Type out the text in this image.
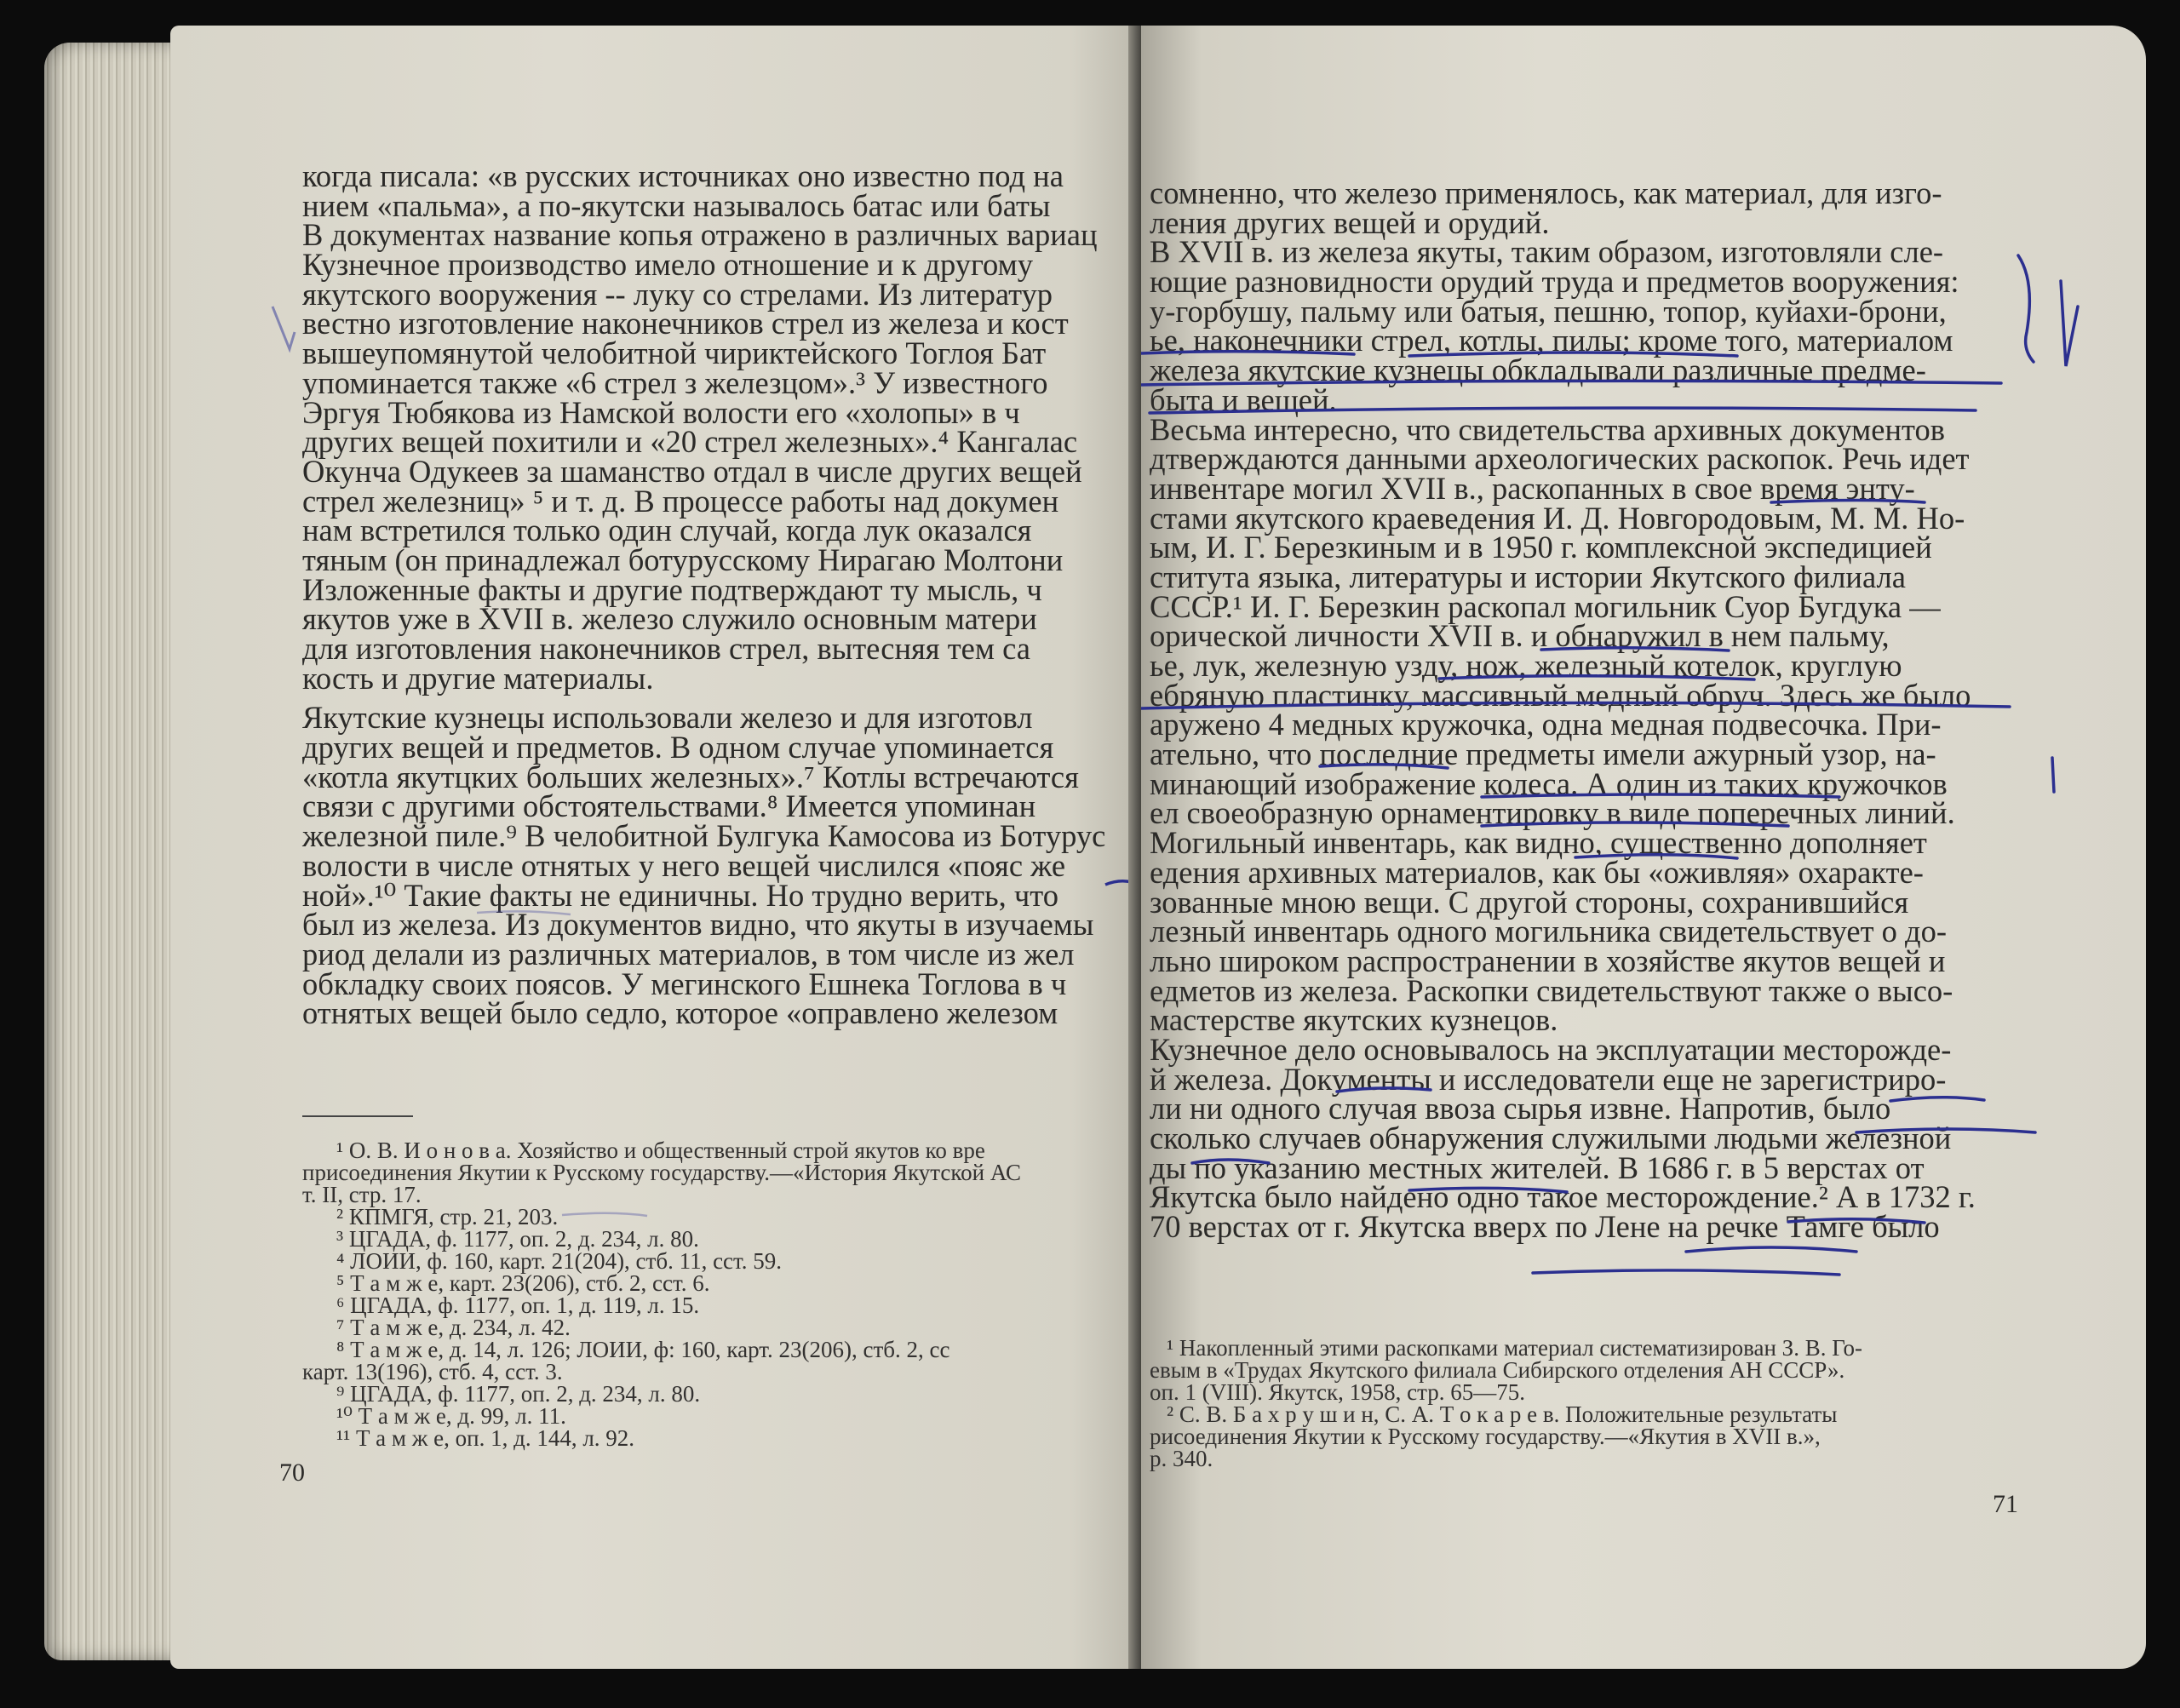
когда писала: «в русских источниках оно известно под на
нием «пальма», а по-якутски называлось батас или баты
В документах название копья отражено в различных вариац
Кузнечное производство имело отношение и к другому
якутского вооружения -- луку со стрелами. Из литератур
вестно изготовление наконечников стрел из железа и кост
вышеупомянутой челобитной чириктейского Тоглоя Бат
упоминается также «6 стрел з железцом».³ У известного
Эргуя Тюбякова из Намской волости его «холопы» в ч
других вещей похитили и «20 стрел железных».⁴ Кангалас
Окунча Одукеев за шаманство отдал в числе других вещей
стрел железниц» ⁵ и т. д. В процессе работы над докумен
нам встретился только один случай, когда лук оказался
тяным (он принадлежал ботурусскому Нирагаю Молтони
Изложенные факты и другие подтверждают ту мысль, ч
якутов уже в XVII в. железо служило основным матери
для изготовления наконечников стрел, вытесняя тем са
кость и другие материалы.
Якутские кузнецы использовали железо и для изготовл
других вещей и предметов. В одном случае упоминается
«котла якутцких больших железных».⁷ Котлы встречаются
связи с другими обстоятельствами.⁸ Имеется упоминан
железной пиле.⁹ В челобитной Булгука Камосова из Ботурус
волости в числе отнятых у него вещей числился «пояс же
ной».¹⁰ Такие факты не единичны. Но трудно верить, что
был из железа. Из документов видно, что якуты в изучаемы
риод делали из различных материалов, в том числе из жел
обкладку своих поясов. У мегинского Ешнека Тоглова в ч
отнятых вещей было седло, которое «оправлено железом
¹ О. В. И о н о в а. Хозяйство и общественный строй якутов ко вре
присоединения Якутии к Русскому государству.—«История Якутской АС
т. II, стр. 17.
² КПМГЯ, стр. 21, 203.
³ ЦГАДА, ф. 1177, оп. 2, д. 234, л. 80.
⁴ ЛОИИ, ф. 160, карт. 21(204), стб. 11, сст. 59.
⁵ Т а м ж е, карт. 23(206), стб. 2, сст. 6.
⁶ ЦГАДА, ф. 1177, оп. 1, д. 119, л. 15.
⁷ Т а м ж е, д. 234, л. 42.
⁸ Т а м ж е, д. 14, л. 126; ЛОИИ, ф: 160, карт. 23(206), стб. 2, сс
карт. 13(196), стб. 4, сст. 3.
⁹ ЦГАДА, ф. 1177, оп. 2, д. 234, л. 80.
¹⁰ Т а м ж е, д. 99, л. 11.
¹¹ Т а м ж е, оп. 1, д. 144, л. 92.
70
сомненно, что железо применялось, как материал, для изго-
ления других вещей и орудий.
В XVII в. из железа якуты, таким образом, изготовляли сле-
ющие разновидности орудий труда и предметов вооружения:
у-горбушу, пальму или батыя, пешню, топор, куйахи-брони,
ье, наконечники стрел, котлы, пилы; кроме того, материалом
железа якутские кузнецы обкладывали различные предме-
быта и вещей.
Весьма интересно, что свидетельства архивных документов
дтверждаются данными археологических раскопок. Речь идет
инвентаре могил XVII в., раскопанных в свое время энту-
стами якутского краеведения И. Д. Новгородовым, М. М. Но-
ым, И. Г. Березкиным и в 1950 г. комплексной экспедицией
ститута языка, литературы и истории Якутского филиала
СССР.¹ И. Г. Березкин раскопал могильник Суор Бугдука —
орической личности XVII в. и обнаружил в нем пальму,
ье, лук, железную узду, нож, железный котелок, круглую
ебряную пластинку, массивный медный обруч. Здесь же было
аружено 4 медных кружочка, одна медная подвесочка. При-
ательно, что последние предметы имели ажурный узор, на-
минающий изображение колеса. А один из таких кружочков
ел своеобразную орнаментировку в виде поперечных линий.
Могильный инвентарь, как видно, существенно дополняет
едения архивных материалов, как бы «оживляя» охаракте-
зованные мною вещи. С другой стороны, сохранившийся
лезный инвентарь одного могильника свидетельствует о до-
льно широком распространении в хозяйстве якутов вещей и
едметов из железа. Раскопки свидетельствуют также о высо-
мастерстве якутских кузнецов.
Кузнечное дело основывалось на эксплуатации месторожде-
й железа. Документы и исследователи еще не зарегистриро-
ли ни одного случая ввоза сырья извне. Напротив, было
сколько случаев обнаружения служилыми людьми железной
ды по указанию местных жителей. В 1686 г. в 5 верстах от
Якутска было найдено одно такое месторождение.² А в 1732 г.
70 верстах от г. Якутска вверх по Лене на речке Тамге было
¹ Накопленный этими раскопками материал систематизирован З. В. Го-
евым в «Трудах Якутского филиала Сибирского отделения АН СССР».
оп. 1 (VIII). Якутск, 1958, стр. 65—75.
² С. В. Б а х р у ш и н, С. А. Т о к а р е в. Положительные результаты
рисоединения Якутии к Русскому государству.—«Якутия в XVII в.»,
р. 340.
71
